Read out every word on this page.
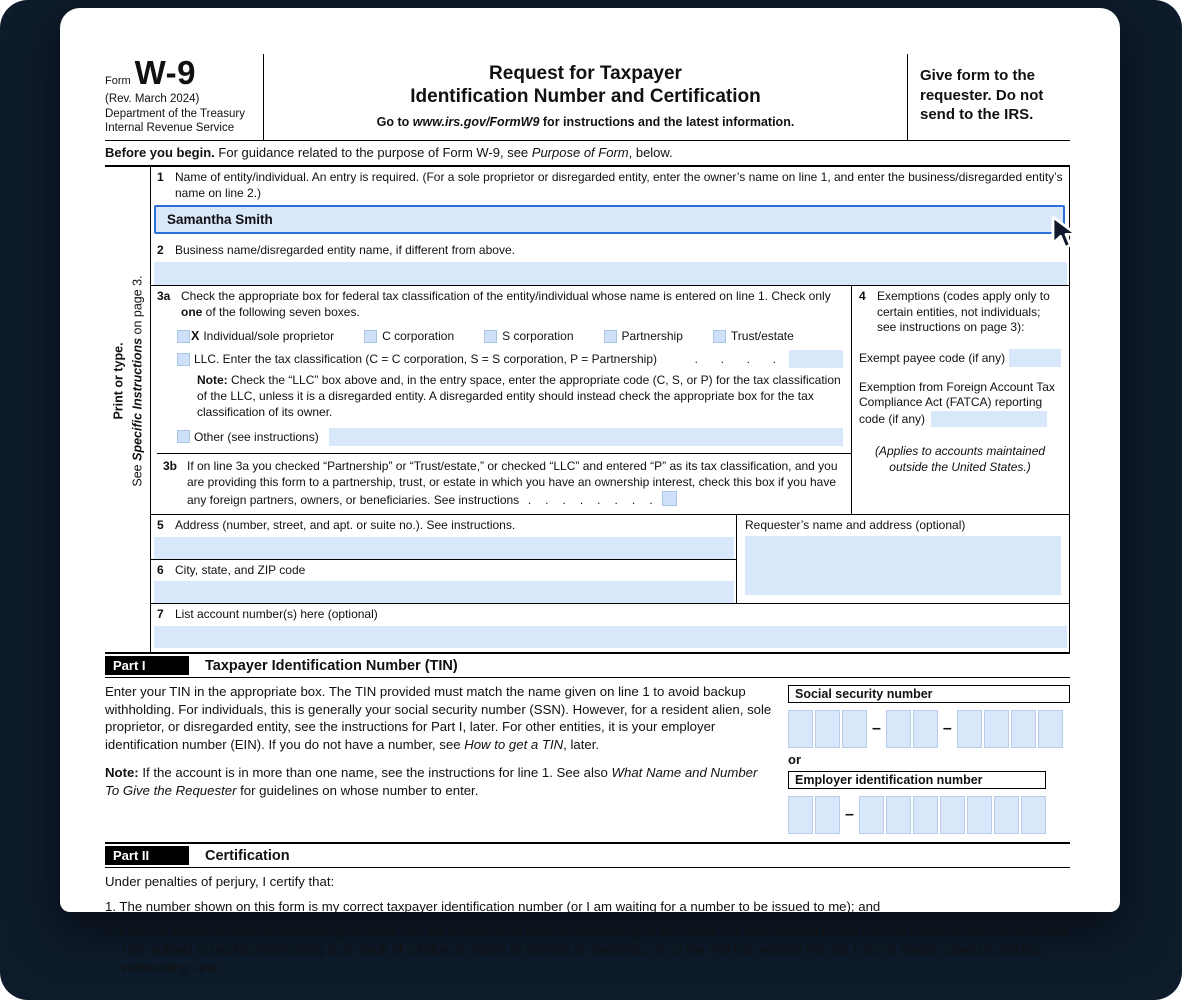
Form W-9
(Rev. March 2024)
Department of the Treasury
Internal Revenue Service
Request for Taxpayer
Identification Number and Certification
Go to www.irs.gov/FormW9 for instructions and the latest information.
Give form to the requester. Do not send to the IRS.
Before you begin. For guidance related to the purpose of Form W-9, see Purpose of Form, below.
Print or type.
See Specific Instructions on page 3.
1 Name of entity/individual. An entry is required. (For a sole proprietor or disregarded entity, enter the owner’s name on line 1, and enter the business/disregarded entity’s name on line 2.)
Samantha Smith
2 Business name/disregarded entity name, if different from above.
3a Check the appropriate box for federal tax classification of the entity/individual whose name is entered on line 1. Check only one of the following seven boxes.
X Individual/sole proprietor	C corporation	S corporation	Partnership	Trust/estate
LLC. Enter the tax classification (C = C corporation, S = S corporation, P = Partnership)	.     .     .     .
Note: Check the “LLC” box above and, in the entry space, enter the appropriate code (C, S, or P) for the tax classification of the LLC, unless it is a disregarded entity. A disregarded entity should instead check the appropriate box for the tax classification of its owner.
Other (see instructions)
3b If on line 3a you checked “Partnership” or “Trust/estate,” or checked “LLC” and entered “P” as its tax classification, and you are providing this form to a partnership, trust, or estate in which you have an ownership interest, check this box if you have any foreign partners, owners, or beneficiaries. See instructions  .   .   .   .   .   .   .   .
4 Exemptions (codes apply only to certain entities, not individuals; see instructions on page 3):
Exempt payee code (if any)
Exemption from Foreign Account Tax Compliance Act (FATCA) reporting code (if any)
(Applies to accounts maintained outside the United States.)
5 Address (number, street, and apt. or suite no.). See instructions.
6 City, state, and ZIP code
Requester’s name and address (optional)
7 List account number(s) here (optional)
Part I	Taxpayer Identification Number (TIN)
Enter your TIN in the appropriate box. The TIN provided must match the name given on line 1 to avoid backup withholding. For individuals, this is generally your social security number (SSN). However, for a resident alien, sole proprietor, or disregarded entity, see the instructions for Part I, later. For other entities, it is your employer identification number (EIN). If you do not have a number, see How to get a TIN, later.
Note: If the account is in more than one name, see the instructions for line 1. See also What Name and Number To Give the Requester for guidelines on whose number to enter.
Social security number
–	–
or
Employer identification number
–
Part II	Certification
Under penalties of perjury, I certify that:
1. The number shown on this form is my correct taxpayer identification number (or I am waiting for a number to be issued to me); and
2. I am not subject to backup withholding because (a) I am exempt from backup withholding, or (b) I have not been notified by the Internal Revenue Service (IRS) that I am subject to backup withholding as a result of a failure to report all interest or dividends, or (c) the IRS has notified me that I am no longer subject to backup withholding; and
